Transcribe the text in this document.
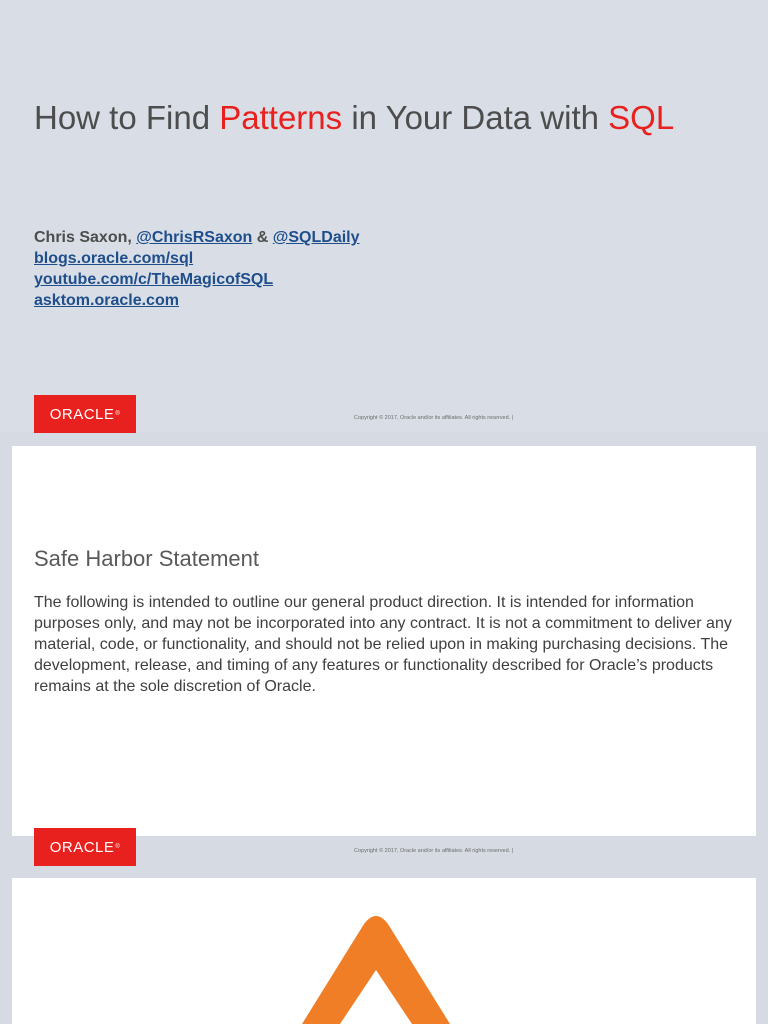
How to Find Patterns in Your Data with SQL
Chris Saxon, @ChrisRSaxon & @SQLDaily
blogs.oracle.com/sql
youtube.com/c/TheMagicofSQL
asktom.oracle.com
ORACLE ®
Copyright © 2017, Oracle and/or its affiliates. All rights reserved. |
Safe Harbor Statement

The following is intended to outline our general product direction. It is intended for information purposes only, and may not be incorporated into any contract. It is not a commitment to deliver any material, code, or functionality, and should not be relied upon in making purchasing decisions. The development, release, and timing of any features or functionality described for Oracle’s products remains at the sole discretion of Oracle.

ORACLE ®
Copyright © 2017, Oracle and/or its affiliates. All rights reserved. |
